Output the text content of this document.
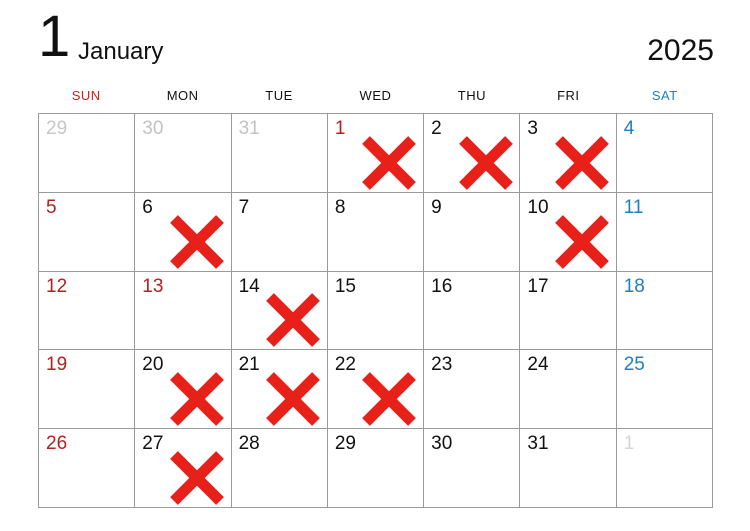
1 January	2025
SUN	MON	TUE	WED	THU	FRI	SAT
29	30	31	1	2	3	4
5	6	7	8	9	10	11
12	13	14	15	16	17	18
19	20	21	22	23	24	25
26	27	28	29	30	31	1
